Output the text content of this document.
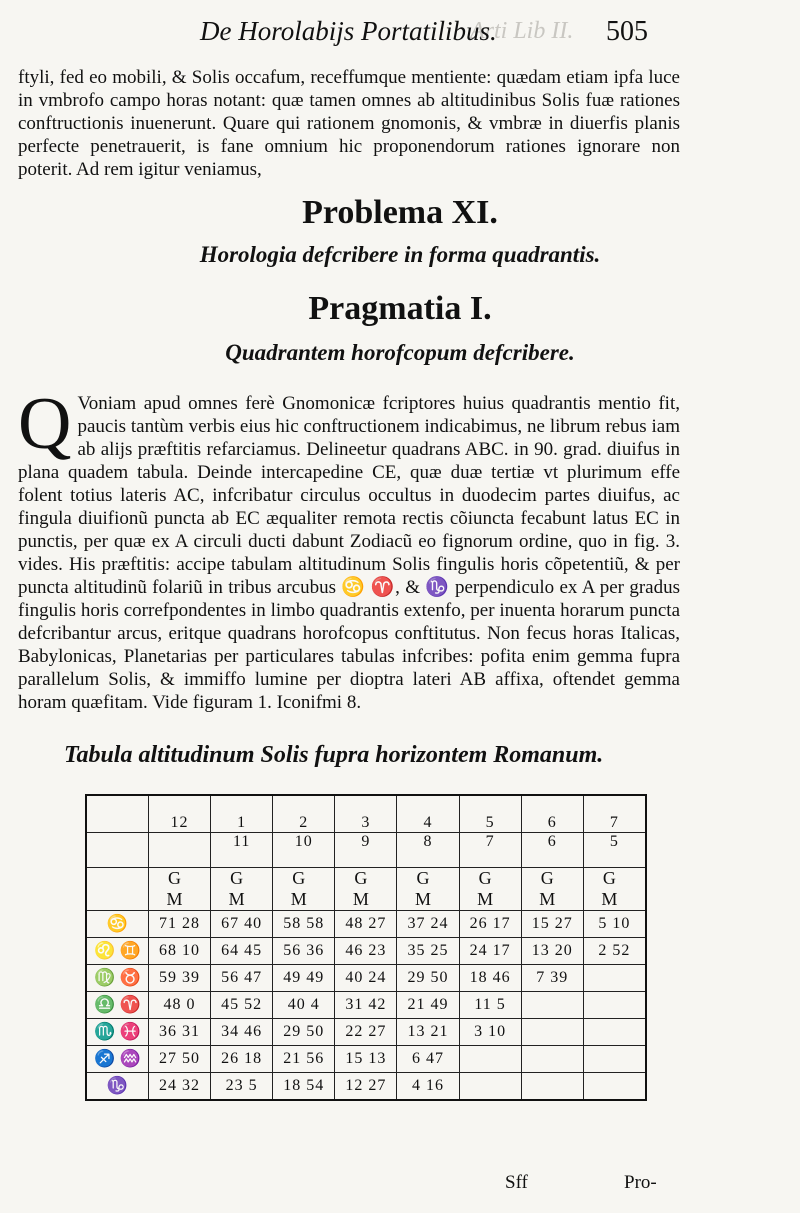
Arti Lib II.
De Horolabijs Portatilibus.	505
ftyli, fed eo mobili, & Solis occafum, receffumque mentiente: quædam etiam ipfa luce in vmbrofo campo horas notant: quæ tamen omnes ab altitudinibus Solis fuæ rationes conftructionis inuenerunt. Quare qui rationem gnomonis, & vmbræ in diuerfis planis perfecte penetrauerit, is fane omnium hic proponendorum rationes ignorare non poterit. Ad rem igitur veniamus,
Problema XI.
Horologia defcribere in forma quadrantis.
Pragmatia I.
Quadrantem horofcopum defcribere.
Q Voniam apud omnes ferè Gnomonicæ fcriptores huius quadrantis mentio fit, paucis tantùm verbis eius hic conftructionem indicabimus, ne librum rebus iam ab alijs præftitis refarciamus. Delineetur quadrans ABC. in 90. grad. diuifus in plana quadem tabula. Deinde intercapedine CE, quæ duæ tertiæ vt plurimum effe folent totius lateris AC, infcribatur circulus occultus in duodecim partes diuifus, ac fingula diuifionũ puncta ab EC æqualiter remota rectis cõiuncta fecabunt latus EC in punctis, per quæ ex A circuli ducti dabunt Zodiacũ eo fignorum ordine, quo in fig. 3. vides. His præftitis: accipe tabulam altitudinum Solis fingulis horis cõpetentiũ, & per puncta altitudinũ folariũ in tribus arcubus ♋ ♈, & ♑ perpendiculo ex A per gradus fingulis horis correfpondentes in limbo quadrantis extenfo, per inuenta horarum puncta defcribantur arcus, eritque quadrans horofcopus conftitutus. Non fecus horas Italicas, Babylonicas, Planetarias per particulares tabulas infcribes: pofita enim gemma fupra parallelum Solis, & immiffo lumine per dioptra lateri AB affixa, oftendet gemma horam quæfitam. Vide figuram 1. Iconifmi 8.
Tabula altitudinum Solis fupra horizontem Romanum.
	12	1	2	3	4	5	6	7
		11	10	9	8	7	6	5
	G M	G M	G M	G M	G M	G M	G M	G M
♋	71 28	67 40	58 58	48 27	37 24	26 17	15 27	5 10
♌ ♊	68 10	64 45	56 36	46 23	35 25	24 17	13 20	2 52
♍ ♉	59 39	56 47	49 49	40 24	29 50	18 46	7 39	
♎ ♈	48 0	45 52	40 4	31 42	21 49	11 5		
♏ ♓	36 31	34 46	29 50	22 27	13 21	3 10		
♐ ♒	27 50	26 18	21 56	15 13	6 47			
♑	24 32	23 5	18 54	12 27	4 16			
Sff	Pro-
